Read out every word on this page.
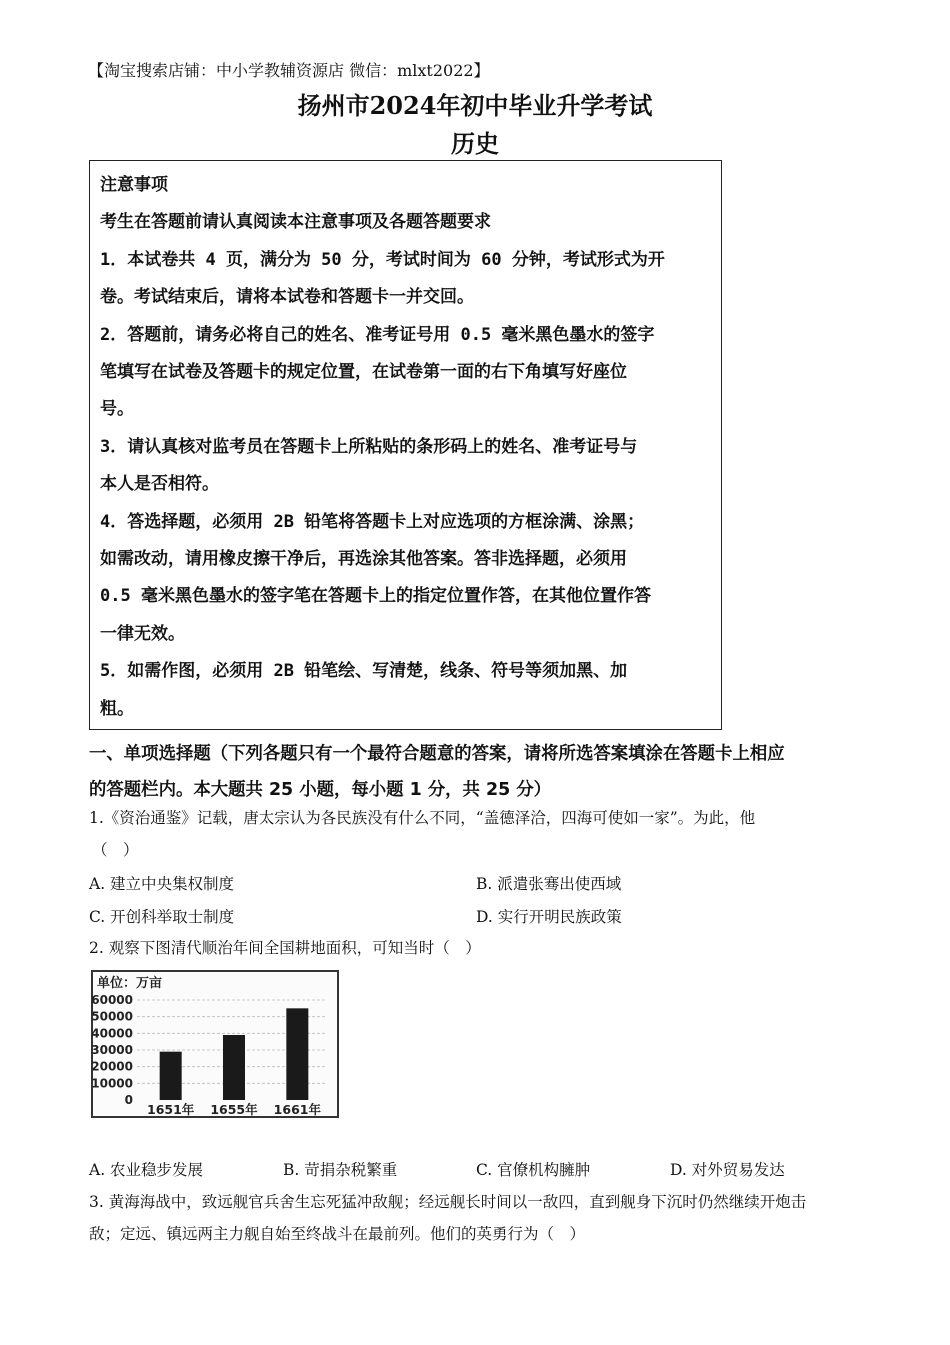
【淘宝搜索店铺：中小学教辅资源店 微信：mlxt2022】
扬州市2024年初中毕业升学考试
历史
注意事项
考生在答题前请认真阅读本注意事项及各题答题要求
1．本试卷共 4 页，满分为 50 分，考试时间为 60 分钟，考试形式为开
卷。考试结束后，请将本试卷和答题卡一并交回。
2．答题前，请务必将自己的姓名、准考证号用 0.5 毫米黑色墨水的签字
笔填写在试卷及答题卡的规定位置，在试卷第一面的右下角填写好座位
号。
3．请认真核对监考员在答题卡上所粘贴的条形码上的姓名、准考证号与
本人是否相符。
4．答选择题，必须用 2B 铅笔将答题卡上对应选项的方框涂满、涂黑；
如需改动，请用橡皮擦干净后，再选涂其他答案。答非选择题，必须用
0.5 毫米黑色墨水的签字笔在答题卡上的指定位置作答，在其他位置作答
一律无效。
5．如需作图，必须用 2B 铅笔绘、写清楚，线条、符号等须加黑、加
粗。
一、单项选择题（下列各题只有一个最符合题意的答案，请将所选答案填涂在答题卡上相应
的答题栏内。本大题共 25 小题，每小题 1 分，共 25 分）
1.《资治通鉴》记载，唐太宗认为各民族没有什么不同，“盖德泽洽，四海可使如一家”。为此，他
（　）
A. 建立中央集权制度	B. 派遣张骞出使西域
C. 开创科举取士制度	D. 实行开明民族政策
2. 观察下图清代顺治年间全国耕地面积，可知当时（　）
单位：万亩
60000
50000
40000
30000
20000
10000
0
1651年 1655年 1661年
A. 农业稳步发展	B. 苛捐杂税繁重	C. 官僚机构臃肿	D. 对外贸易发达
3. 黄海海战中，致远舰官兵舍生忘死猛冲敌舰；经远舰长时间以一敌四，直到舰身下沉时仍然继续开炮击
敌；定远、镇远两主力舰自始至终战斗在最前列。他们的英勇行为（　）
